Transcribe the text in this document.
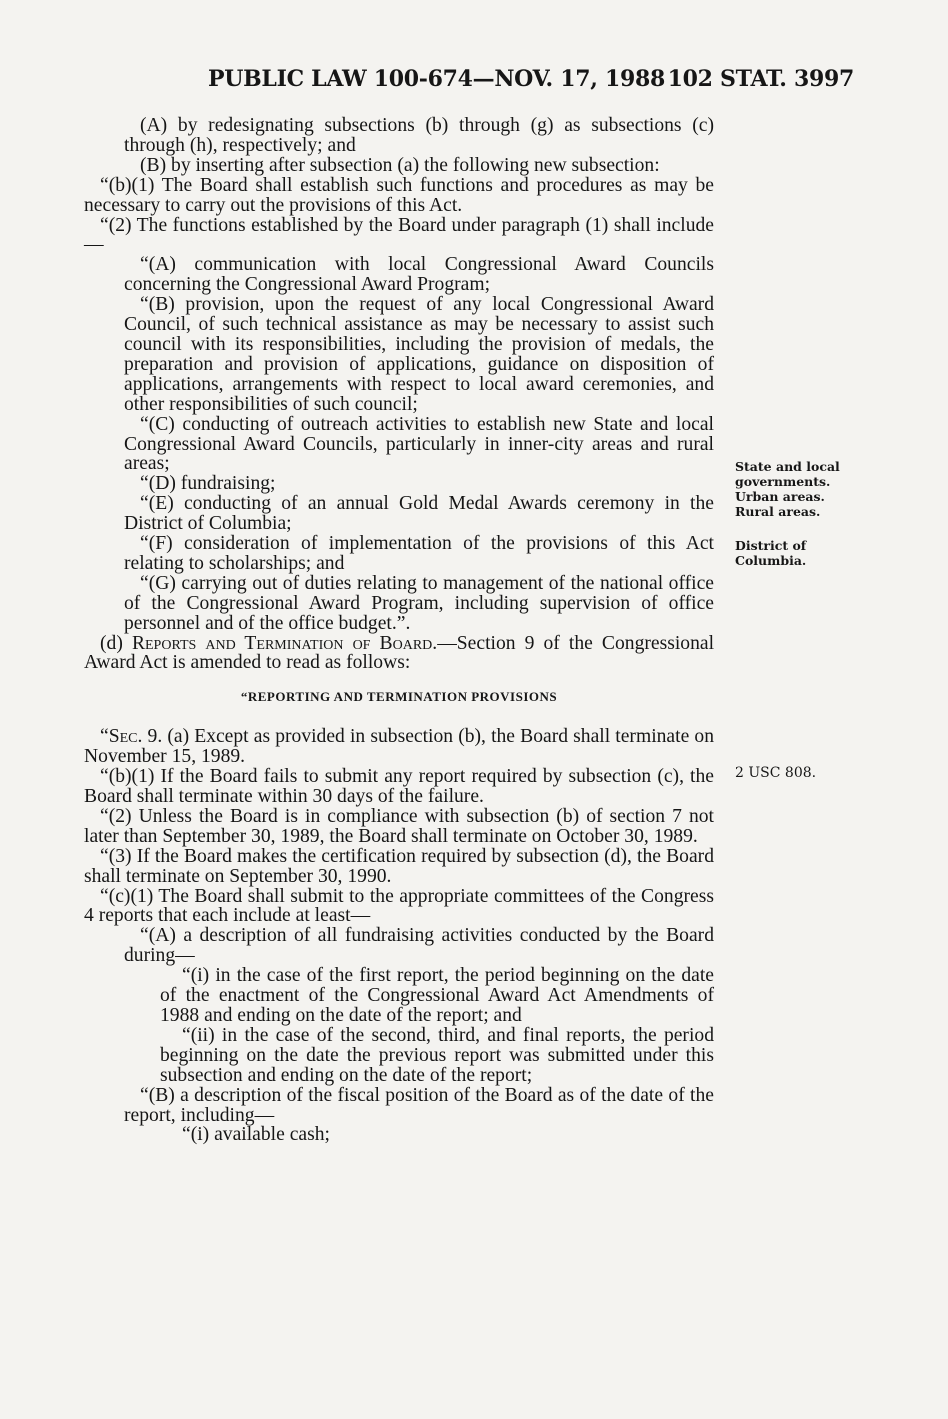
PUBLIC LAW 100-674—NOV. 17, 1988 102 STAT. 3997

(A) by redesignating subsections (b) through (g) as subsections (c) through (h), respectively; and

(B) by inserting after subsection (a) the following new subsection:

“(b)(1) The Board shall establish such functions and procedures as may be necessary to carry out the provisions of this Act.

“(2) The functions established by the Board under paragraph (1) shall include—

“(A) communication with local Congressional Award Councils concerning the Congressional Award Program;

“(B) provision, upon the request of any local Congressional Award Council, of such technical assistance as may be necessary to assist such council with its responsibilities, including the provision of medals, the preparation and provision of applications, guidance on disposition of applications, arrangements with respect to local award ceremonies, and other responsibilities of such council;

“(C) conducting of outreach activities to establish new State and local Congressional Award Councils, particularly in inner-city areas and rural areas;

“(D) fundraising;

“(E) conducting of an annual Gold Medal Awards ceremony in the District of Columbia;

“(F) consideration of implementation of the provisions of this Act relating to scholarships; and

“(G) carrying out of duties relating to management of the national office of the Congressional Award Program, including supervision of office personnel and of the office budget.”.

(d) Reports and Termination of Board.—Section 9 of the Congressional Award Act is amended to read as follows:

“REPORTING AND TERMINATION PROVISIONS

“Sec. 9. (a) Except as provided in subsection (b), the Board shall terminate on November 15, 1989.

“(b)(1) If the Board fails to submit any report required by subsection (c), the Board shall terminate within 30 days of the failure.

“(2) Unless the Board is in compliance with subsection (b) of section 7 not later than September 30, 1989, the Board shall terminate on October 30, 1989.

“(3) If the Board makes the certification required by subsection (d), the Board shall terminate on September 30, 1990.

“(c)(1) The Board shall submit to the appropriate committees of the Congress 4 reports that each include at least—

“(A) a description of all fundraising activities conducted by the Board during—

“(i) in the case of the first report, the period beginning on the date of the enactment of the Congressional Award Act Amendments of 1988 and ending on the date of the report; and

“(ii) in the case of the second, third, and final reports, the period beginning on the date the previous report was submitted under this subsection and ending on the date of the report;

“(B) a description of the fiscal position of the Board as of the date of the report, including—

“(i) available cash;

State and local
governments.
Urban areas.
Rural areas.
District of
Columbia.
2 USC 808.
